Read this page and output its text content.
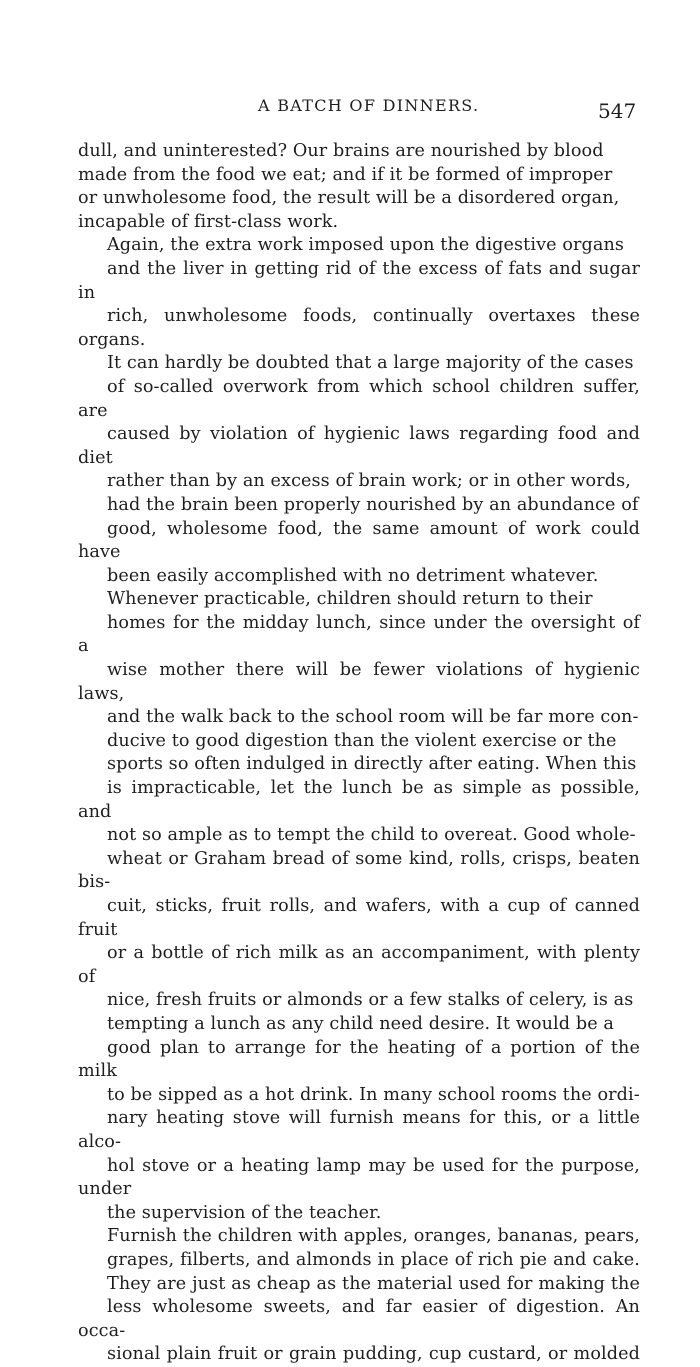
A BATCH OF DINNERS.	547

dull, and uninterested? Our brains are nourished by blood
made from the food we eat; and if it be formed of improper
or unwholesome food, the result will be a disordered organ,
incapable of first-class work.

Again, the extra work imposed upon the digestive organs
and the liver in getting rid of the excess of fats and sugar in
rich, unwholesome foods, continually overtaxes these organs.

It can hardly be doubted that a large majority of the cases
of so-called overwork from which school children suffer, are
caused by violation of hygienic laws regarding food and diet
rather than by an excess of brain work; or in other words,
had the brain been properly nourished by an abundance of
good, wholesome food, the same amount of work could have
been easily accomplished with no detriment whatever.

Whenever practicable, children should return to their
homes for the midday lunch, since under the oversight of a
wise mother there will be fewer violations of hygienic laws,
and the walk back to the school room will be far more con-
ducive to good digestion than the violent exercise or the
sports so often indulged in directly after eating. When this
is impracticable, let the lunch be as simple as possible, and
not so ample as to tempt the child to overeat. Good whole-
wheat or Graham bread of some kind, rolls, crisps, beaten bis-
cuit, sticks, fruit rolls, and wafers, with a cup of canned fruit
or a bottle of rich milk as an accompaniment, with plenty of
nice, fresh fruits or almonds or a few stalks of celery, is as
tempting a lunch as any child need desire. It would be a
good plan to arrange for the heating of a portion of the milk
to be sipped as a hot drink. In many school rooms the ordi-
nary heating stove will furnish means for this, or a little alco-
hol stove or a heating lamp may be used for the purpose, under
the supervision of the teacher.

Furnish the children with apples, oranges, bananas, pears,
grapes, filberts, and almonds in place of rich pie and cake.
They are just as cheap as the material used for making the
less wholesome sweets, and far easier of digestion. An occa-
sional plain fruit or grain pudding, cup custard, or molded
